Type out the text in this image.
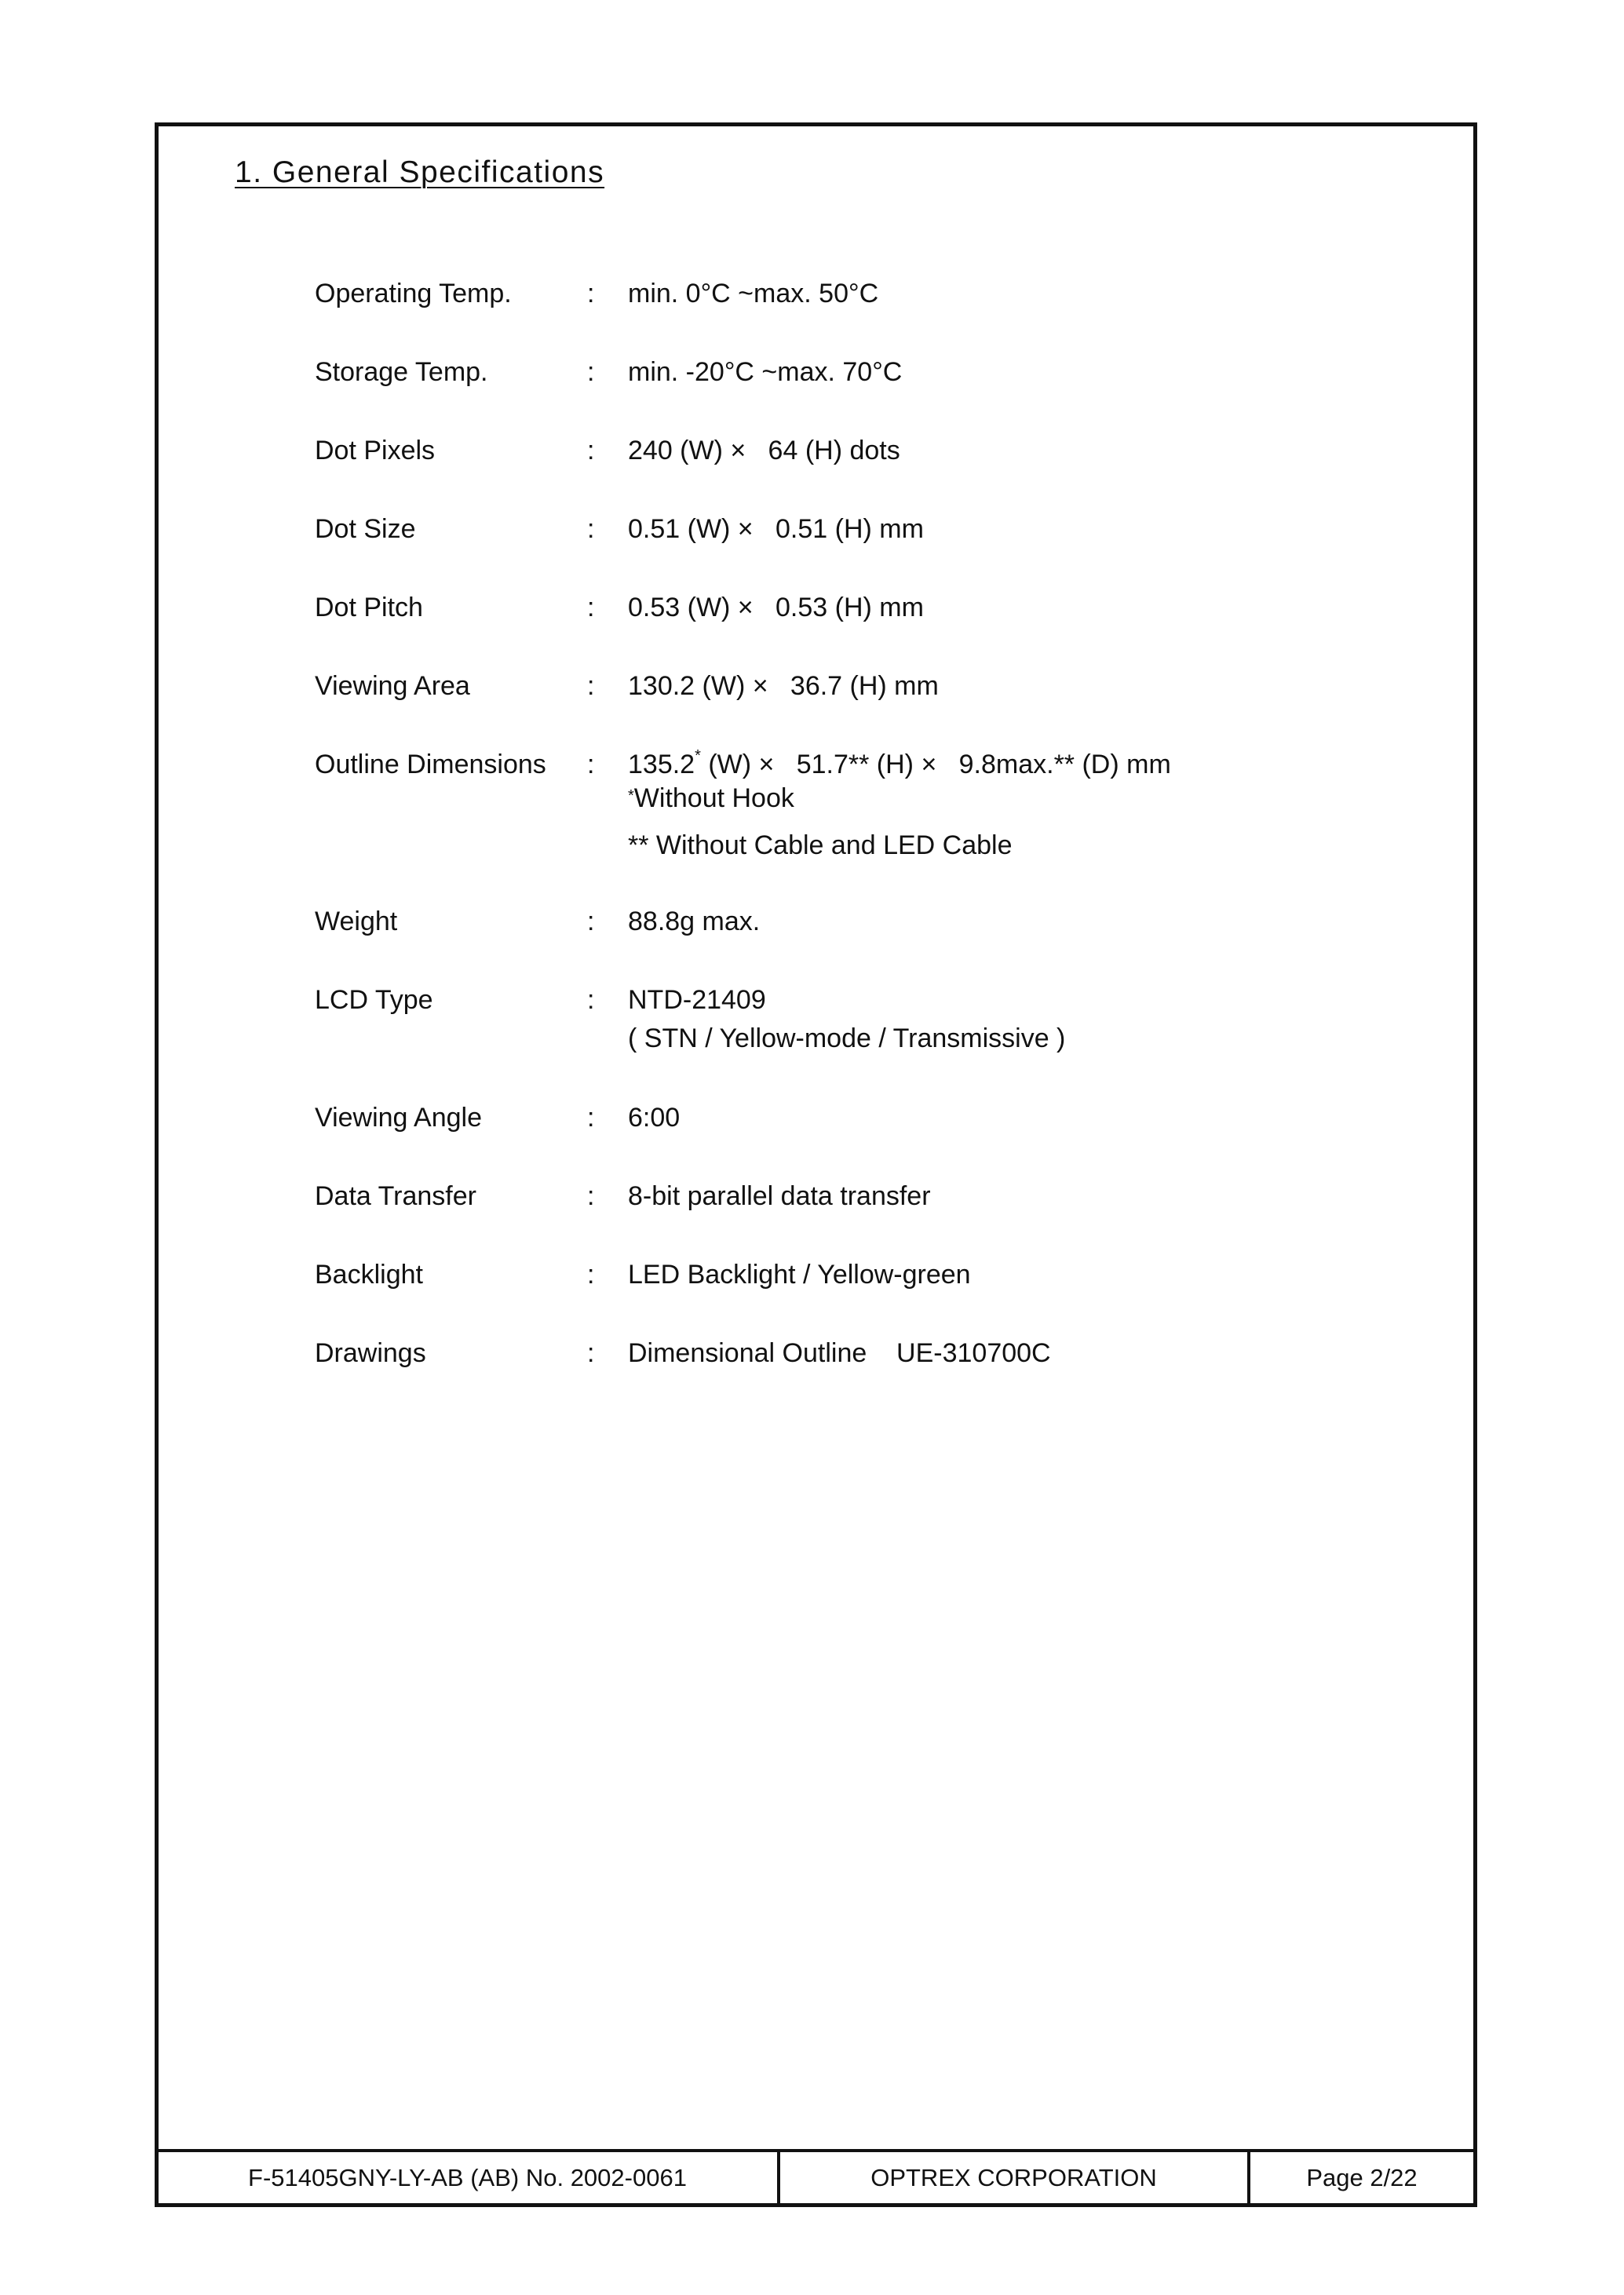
1. General Specifications
Operating Temp.	: min. 0°C ~max. 50°C
Storage Temp.	: min. -20°C ~max. 70°C
Dot Pixels	: 240 (W) ×   64 (H) dots
Dot Size	: 0.51 (W) ×   0.51 (H) mm
Dot Pitch	: 0.53 (W) ×   0.53 (H) mm
Viewing Area	: 130.2 (W) ×   36.7 (H) mm
Outline Dimensions : 135.2* (W) ×   51.7** (H) ×   9.8max.** (D) mm
*Without Hook
** Without Cable and LED Cable
Weight	: 88.8g max.
LCD Type	: NTD-21409
( STN / Yellow-mode / Transmissive )
Viewing Angle	: 6:00
Data Transfer	: 8-bit parallel data transfer
Backlight	: LED Backlight / Yellow-green
Drawings	: Dimensional Outline    UE-310700C
F-51405GNY-LY-AB (AB) No. 2002-0061	OPTREX CORPORATION	Page 2/22
